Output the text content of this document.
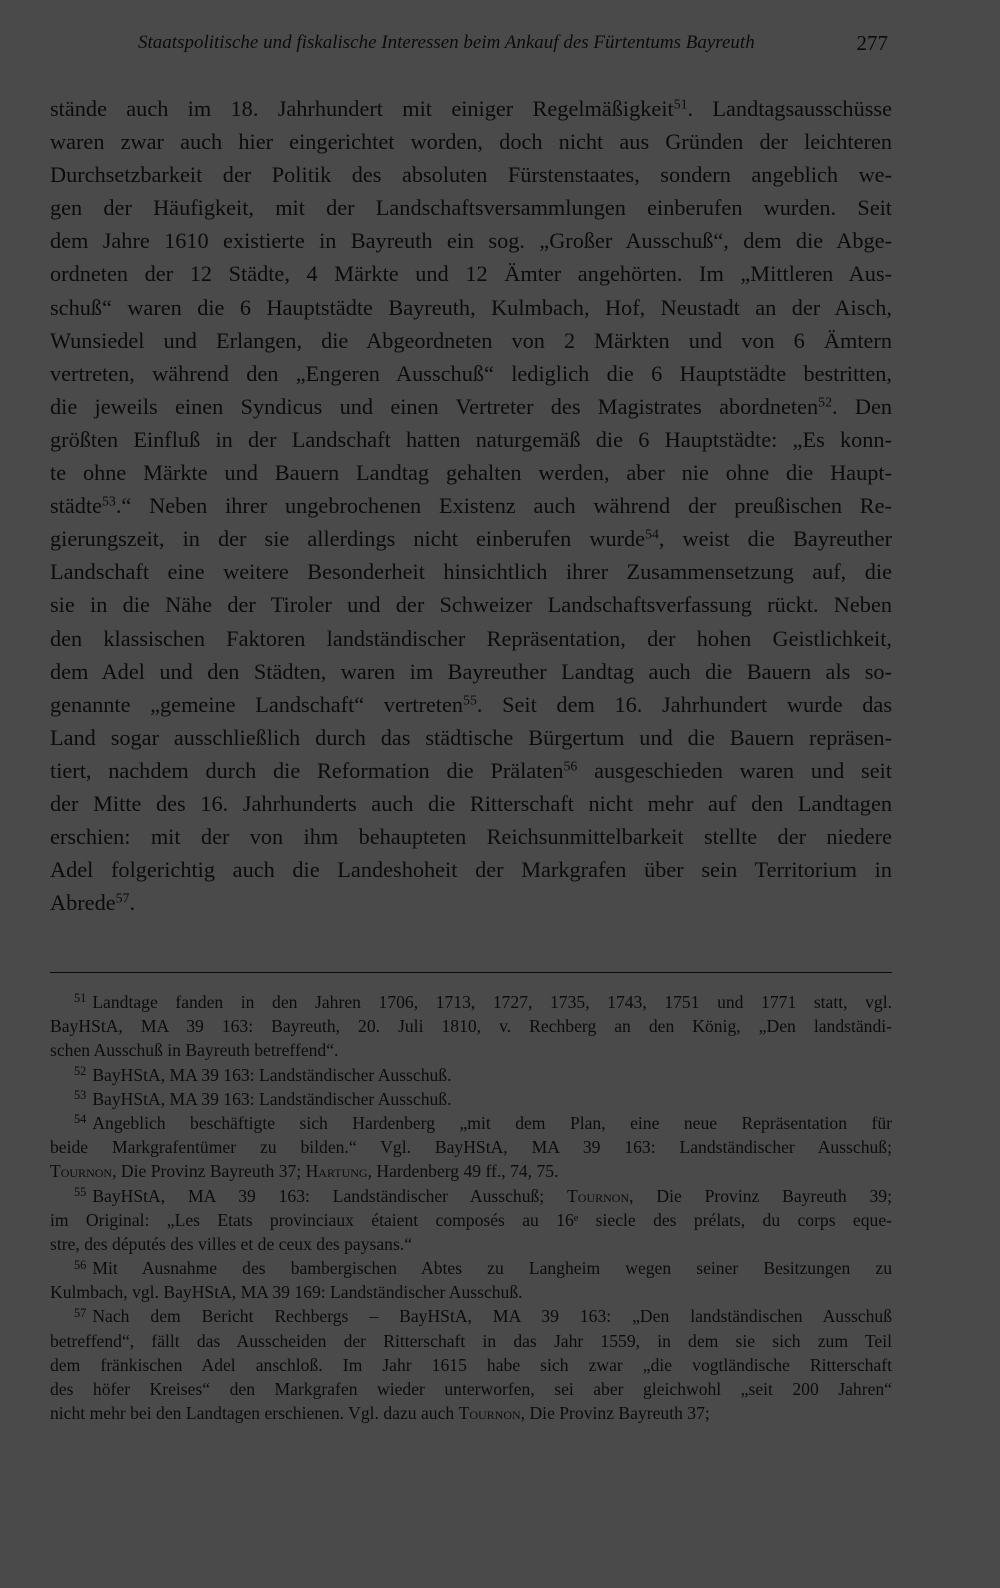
Staatspolitische und fiskalische Interessen beim Ankauf des Fürtentums Bayreuth	277
stände auch im 18. Jahrhundert mit einiger Regelmäßigkeit$^{51}$. Landtagsausschüsse
waren zwar auch hier eingerichtet worden, doch nicht aus Gründen der leichteren
Durchsetzbarkeit der Politik des absoluten Fürstenstaates, sondern angeblich we-
gen der Häufigkeit, mit der Landschaftsversammlungen einberufen wurden. Seit
dem Jahre 1610 existierte in Bayreuth ein sog. „Großer Ausschuß“, dem die Abge-
ordneten der 12 Städte, 4 Märkte und 12 Ämter angehörten. Im „Mittleren Aus-
schuß“ waren die 6 Hauptstädte Bayreuth, Kulmbach, Hof, Neustadt an der Aisch,
Wunsiedel und Erlangen, die Abgeordneten von 2 Märkten und von 6 Ämtern
vertreten, während den „Engeren Ausschuß“ lediglich die 6 Hauptstädte bestritten,
die jeweils einen Syndicus und einen Vertreter des Magistrates abordneten$^{52}$. Den
größten Einfluß in der Landschaft hatten naturgemäß die 6 Hauptstädte: „Es konn-
te ohne Märkte und Bauern Landtag gehalten werden, aber nie ohne die Haupt-
städte$^{53}$.“ Neben ihrer ungebrochenen Existenz auch während der preußischen Re-
gierungszeit, in der sie allerdings nicht einberufen wurde$^{54}$, weist die Bayreuther
Landschaft eine weitere Besonderheit hinsichtlich ihrer Zusammensetzung auf, die
sie in die Nähe der Tiroler und der Schweizer Landschaftsverfassung rückt. Neben
den klassischen Faktoren landständischer Repräsentation, der hohen Geistlichkeit,
dem Adel und den Städten, waren im Bayreuther Landtag auch die Bauern als so-
genannte „gemeine Landschaft“ vertreten$^{55}$. Seit dem 16. Jahrhundert wurde das
Land sogar ausschließlich durch das städtische Bürgertum und die Bauern repräsen-
tiert, nachdem durch die Reformation die Prälaten$^{56}$ ausgeschieden waren und seit
der Mitte des 16. Jahrhunderts auch die Ritterschaft nicht mehr auf den Landtagen
erschien: mit der von ihm behaupteten Reichsunmittelbarkeit stellte der niedere
Adel folgerichtig auch die Landeshoheit der Markgrafen über sein Territorium in
Abrede$^{57}$.
$^{51}$ Landtage fanden in den Jahren 1706, 1713, 1727, 1735, 1743, 1751 und 1771 statt, vgl.
BayHStA, MA 39 163: Bayreuth, 20. Juli 1810, v. Rechberg an den König, „Den landständi-
schen Ausschuß in Bayreuth betreffend“.
$^{52}$ BayHStA, MA 39 163: Landständischer Ausschuß.
$^{53}$ BayHStA, MA 39 163: Landständischer Ausschuß.
$^{54}$ Angeblich beschäftigte sich Hardenberg „mit dem Plan, eine neue Repräsentation für
beide Markgrafentümer zu bilden.“ Vgl. BayHStA, MA 39 163: Landständischer Ausschuß;
Tournon, Die Provinz Bayreuth 37; Hartung, Hardenberg 49 ff., 74, 75.
$^{55}$ BayHStA, MA 39 163: Landständischer Ausschuß; Tournon, Die Provinz Bayreuth 39;
im Original: „Les Etats provinciaux étaient composés au 16ᵉ siecle des prélats, du corps eque-
stre, des députés des villes et de ceux des paysans.“
$^{56}$ Mit Ausnahme des bambergischen Abtes zu Langheim wegen seiner Besitzungen zu
Kulmbach, vgl. BayHStA, MA 39 169: Landständischer Ausschuß.
$^{57}$ Nach dem Bericht Rechbergs – BayHStA, MA 39 163: „Den landständischen Ausschuß
betreffend“, fällt das Ausscheiden der Ritterschaft in das Jahr 1559, in dem sie sich zum Teil
dem fränkischen Adel anschloß. Im Jahr 1615 habe sich zwar „die vogtländische Ritterschaft
des höfer Kreises“ den Markgrafen wieder unterworfen, sei aber gleichwohl „seit 200 Jahren“
nicht mehr bei den Landtagen erschienen. Vgl. dazu auch Tournon, Die Provinz Bayreuth 37;
